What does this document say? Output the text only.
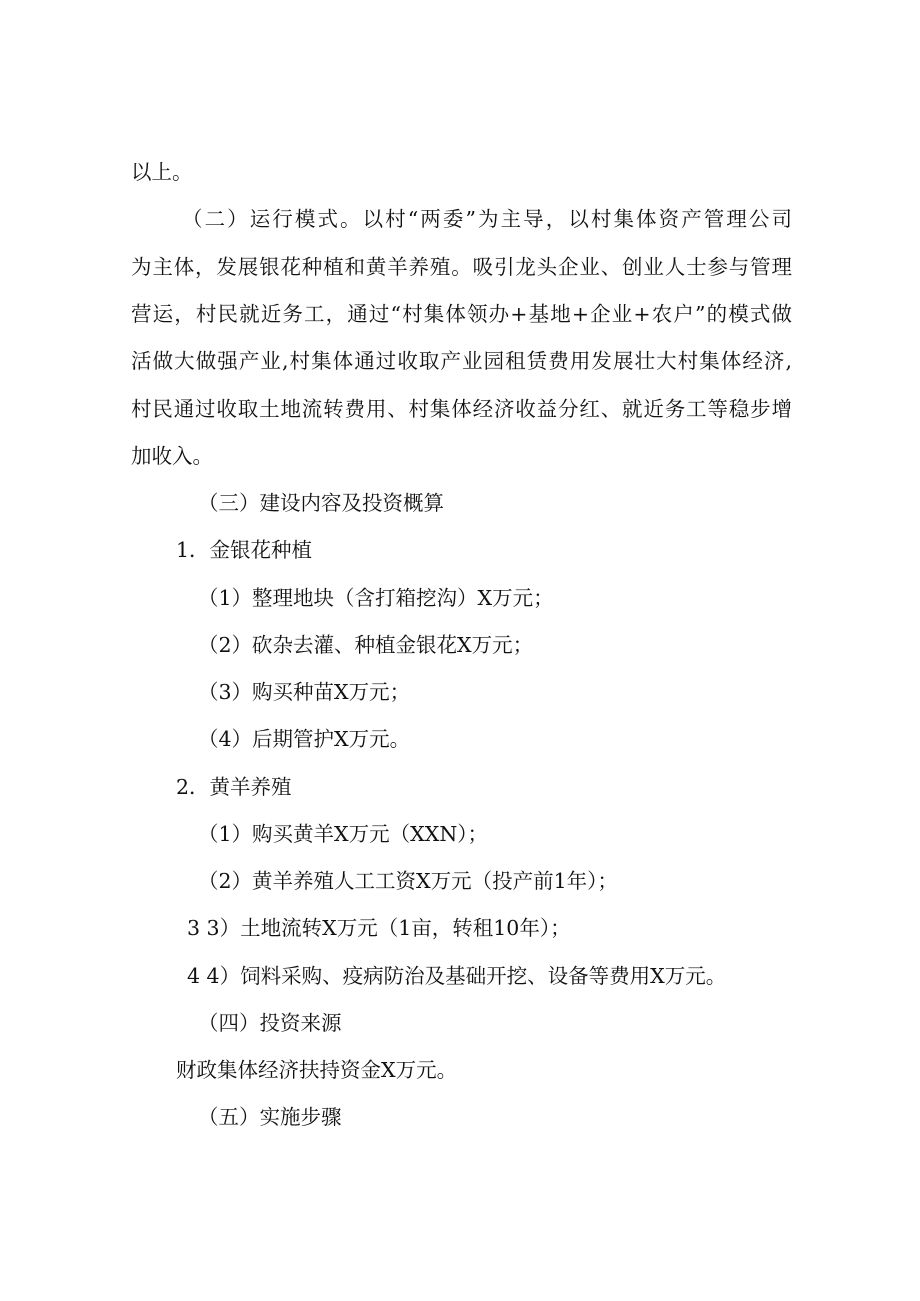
以上。

（二）运行模式。以村“两委”为主导，以村集体资产管理公司

为主体，发展银花种植和黄羊养殖。吸引龙头企业、创业人士参与管理

营运，村民就近务工，通过“村集体领办+基地+企业+农户”的模式做

活做大做强产业,村集体通过收取产业园租赁费用发展壮大村集体经济,

村民通过收取土地流转费用、村集体经济收益分红、就近务工等稳步增

加收入。

（三）建设内容及投资概算

1．金银花种植

（1）整理地块（含打箱挖沟）X万元；

（2）砍杂去灌、种植金银花X万元；

（3）购买种苗X万元；

（4）后期管护X万元。

2．黄羊养殖

（1）购买黄羊X万元（XXN）；

（2）黄羊养殖人工工资X万元（投产前1年）；

3 3）土地流转X万元（1亩，转租10年）；

4 4）饲料采购、疫病防治及基础开挖、设备等费用X万元。

（四）投资来源

财政集体经济扶持资金X万元。

（五）实施步骤
